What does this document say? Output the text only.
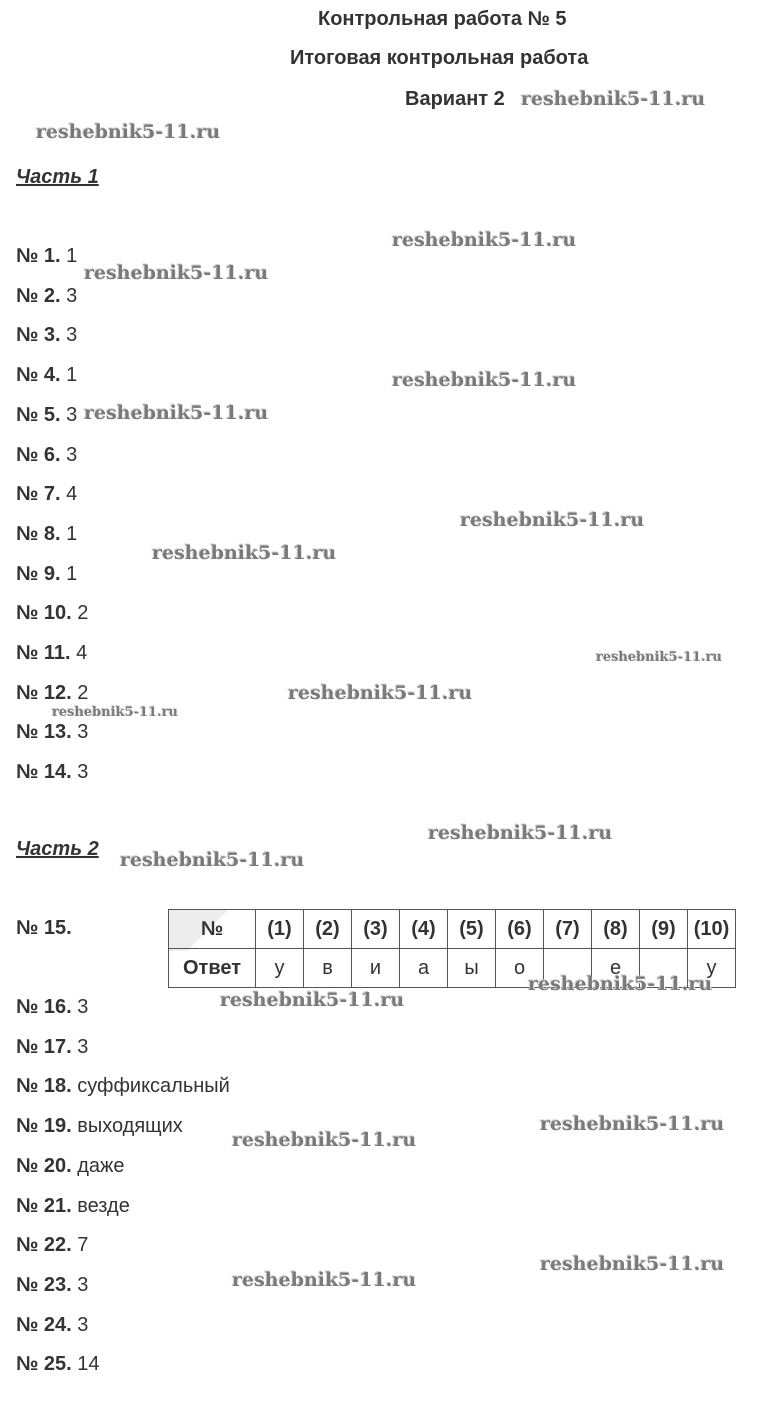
Контрольная работа № 5
Итоговая контрольная работа
Вариант 2
Часть 1
№ 1. 1
№ 2. 3
№ 3. 3
№ 4. 1
№ 5. 3
№ 6. 3
№ 7. 4
№ 8. 1
№ 9. 1
№ 10. 2
№ 11. 4
№ 12. 2
№ 13. 3
№ 14. 3
Часть 2
№ 15.	№	(1)	(2)	(3)	(4)	(5)	(6)	(7)	(8)	(9)	(10)
Ответ	у	в	и	а	ы	о		е		у
№ 16. 3
№ 17. 3
№ 18. суффиксальный
№ 19. выходящих
№ 20. даже
№ 21. везде
№ 22. 7
№ 23. 3
№ 24. 3
№ 25. 14
reshebnik5-11.ru
reshebnik5-11.ru
reshebnik5-11.ru
reshebnik5-11.ru
reshebnik5-11.ru
reshebnik5-11.ru
reshebnik5-11.ru
reshebnik5-11.ru
reshebnik5-11.ru
reshebnik5-11.ru
reshebnik5-11.ru
reshebnik5-11.ru
reshebnik5-11.ru
reshebnik5-11.ru
reshebnik5-11.ru
reshebnik5-11.ru
reshebnik5-11.ru
reshebnik5-11.ru
reshebnik5-11.ru
